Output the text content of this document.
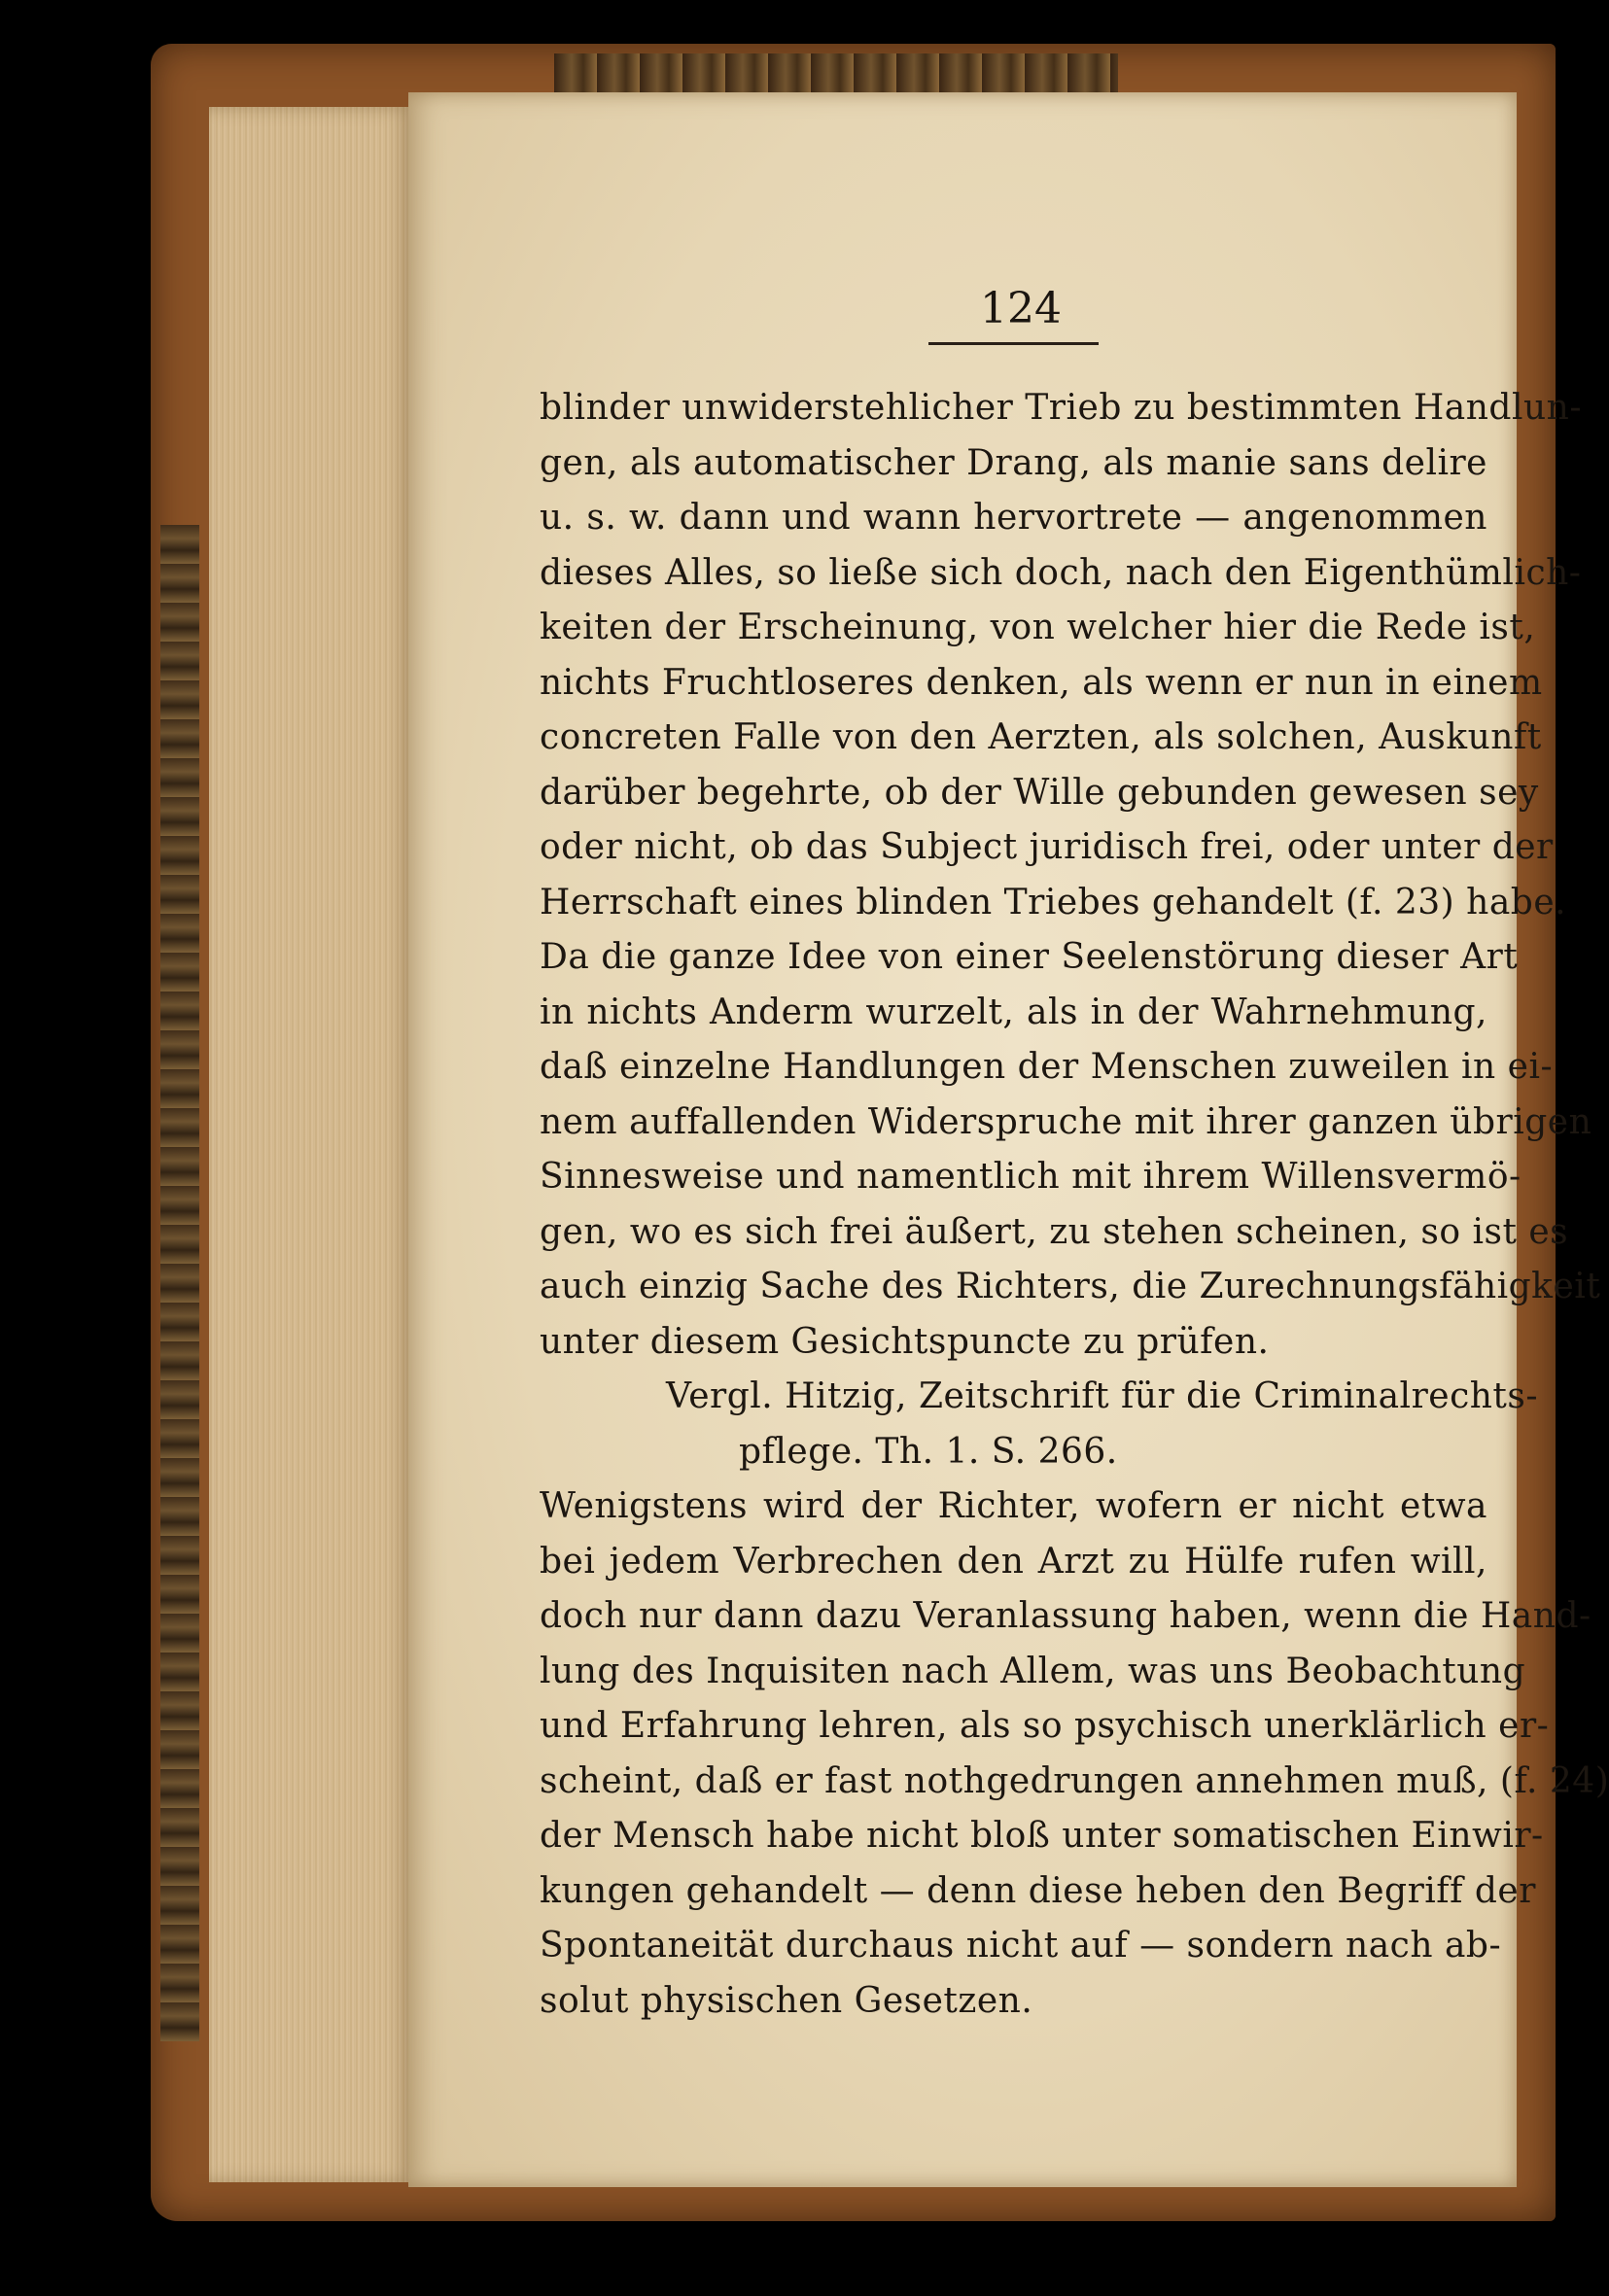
124
blinder unwiderstehlicher Trieb zu bestimmten Handlun-
gen, als automatischer Drang, als manie sans delire
u. s. w. dann und wann hervortrete — angenommen
dieses Alles, so ließe sich doch, nach den Eigenthümlich-
keiten der Erscheinung, von welcher hier die Rede ist,
nichts Fruchtloseres denken, als wenn er nun in einem
concreten Falle von den Aerzten, als solchen, Auskunft
darüber begehrte, ob der Wille gebunden gewesen sey
oder nicht, ob das Subject juridisch frei, oder unter der
Herrschaft eines blinden Triebes gehandelt (f. 23) habe.
Da die ganze Idee von einer Seelenstörung dieser Art
in nichts Anderm wurzelt, als in der Wahrnehmung,
daß einzelne Handlungen der Menschen zuweilen in ei-
nem auffallenden Widerspruche mit ihrer ganzen übrigen
Sinnesweise und namentlich mit ihrem Willensvermö-
gen, wo es sich frei äußert, zu stehen scheinen, so ist es
auch einzig Sache des Richters, die Zurechnungsfähigkeit
unter diesem Gesichtspuncte zu prüfen.
Vergl. Hitzig, Zeitschrift für die Criminalrechts-
pflege. Th. 1. S. 266.
Wenigstens wird der Richter, wofern er nicht etwa
bei jedem Verbrechen den Arzt zu Hülfe rufen will,
doch nur dann dazu Veranlassung haben, wenn die Hand-
lung des Inquisiten nach Allem, was uns Beobachtung
und Erfahrung lehren, als so psychisch unerklärlich er-
scheint, daß er fast nothgedrungen annehmen muß, (f. 24)
der Mensch habe nicht bloß unter somatischen Einwir-
kungen gehandelt — denn diese heben den Begriff der
Spontaneität durchaus nicht auf — sondern nach ab-
solut physischen Gesetzen.
